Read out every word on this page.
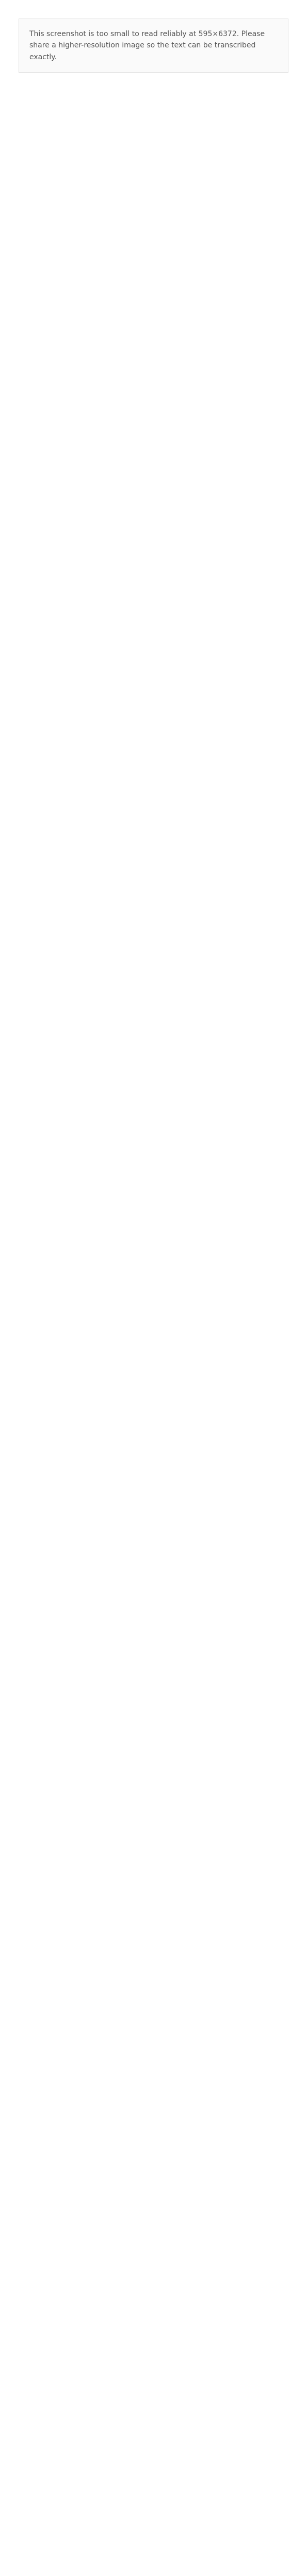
This screenshot is too small to read reliably at 595×6372. Please share a higher-resolution image so the text can be transcribed exactly.
